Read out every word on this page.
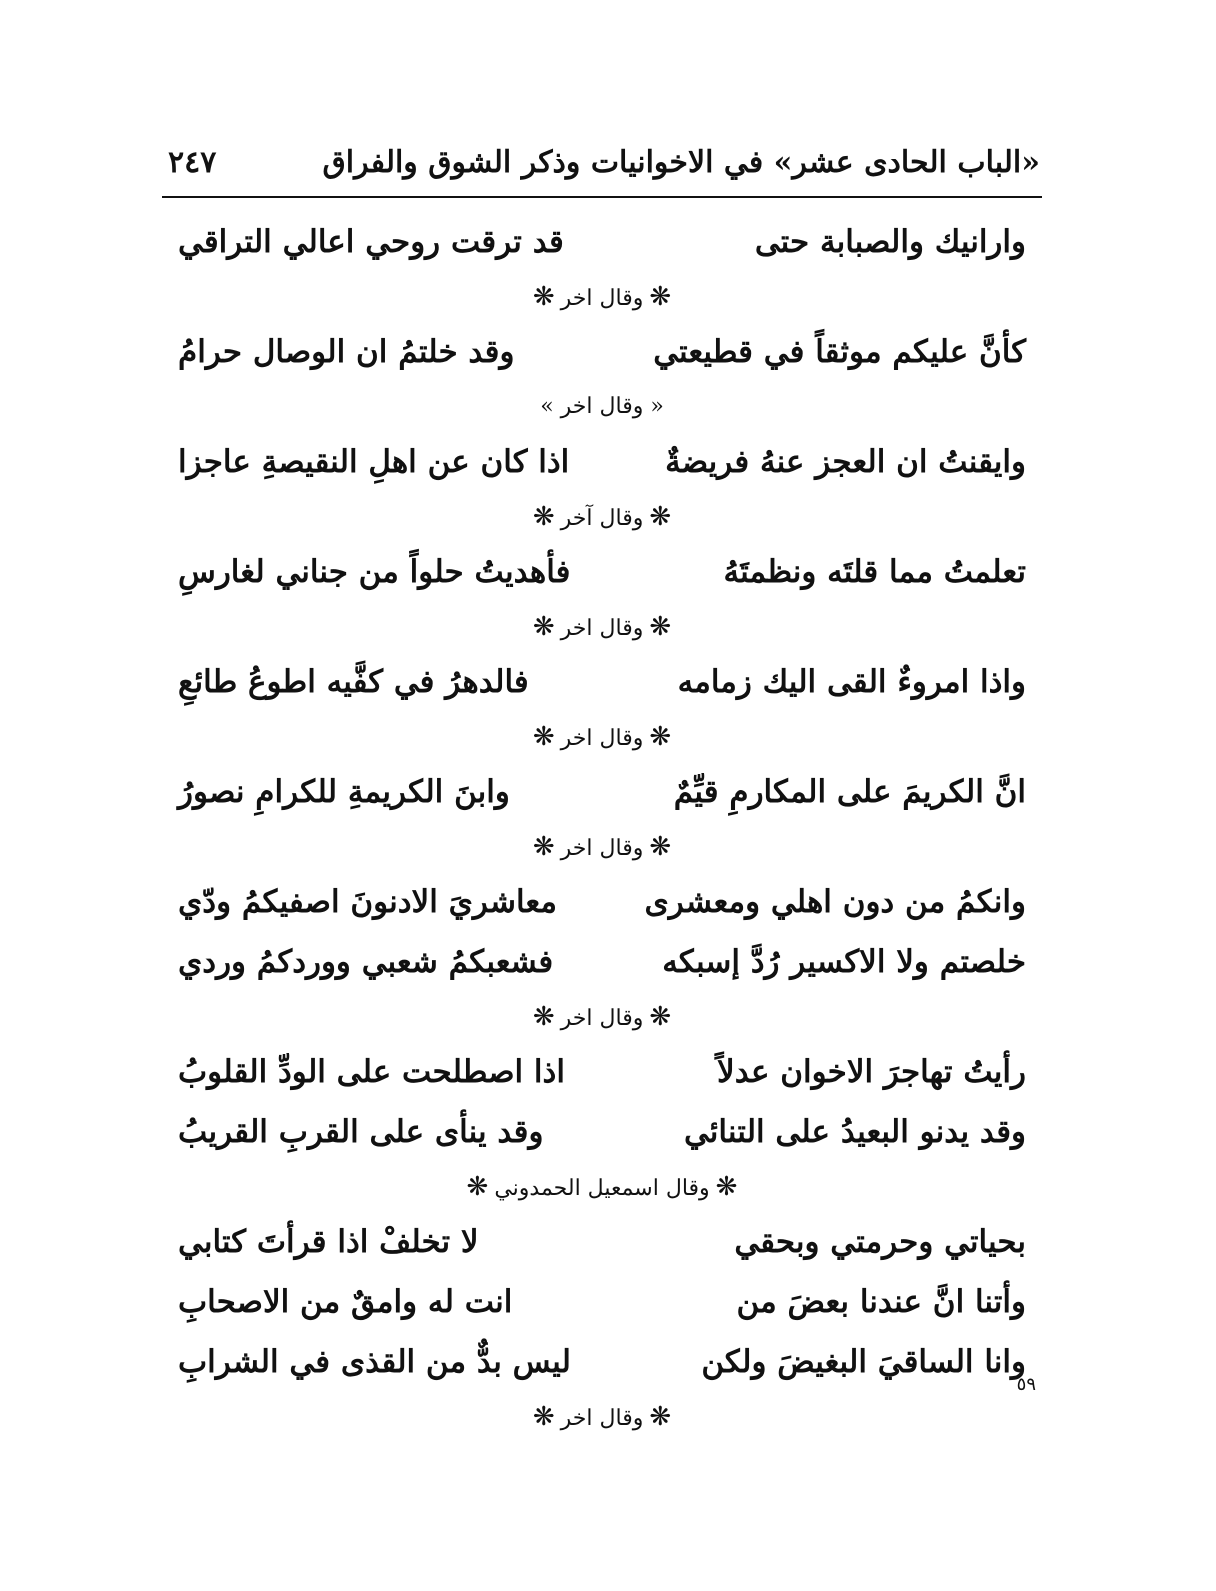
«الباب الحادى عشر» في الاخوانيات وذكر الشوق والفراق
٢٤٧
وارانيك والصبابة حتى
قد ترقت روحي اعالي التراقي
❋وقال اخر❋
كأنَّ عليكم موثقاً في قطيعتي
وقد خلتمُ ان الوصال حرامُ
« وقال اخر »
وايقنتُ ان العجز عنهُ فريضةٌ
اذا كان عن اهلِ النقيصةِ عاجزا
❋وقال آخر❋
تعلمتُ مما قلتَه ونظمتَهُ
فأهديتُ حلواً من جناني لغارسِ
❋وقال اخر❋
واذا امروءٌ القى اليك زمامه
فالدهرُ في كفَّيه اطوعُ طائعِ
❋وقال اخر❋
انَّ الكريمَ على المكارمِ قيِّمٌ
وابنَ الكريمةِ للكرامِ نصورُ
❋وقال اخر❋
وانكمُ من دون اهلي ومعشرى
معاشريَ الادنونَ اصفيكمُ ودّي
خلصتم ولا الاكسير رُدَّ إسبكه
فشعبكمُ شعبي ووردكمُ وردي
❋وقال اخر❋
رأيتُ تهاجرَ الاخوان عدلاً
اذا اصطلحت على الودِّ القلوبُ
وقد يدنو البعيدُ على التنائي
وقد ينأى على القربِ القريبُ
❋وقال اسمعيل الحمدوني❋
بحياتي وحرمتي وبحقي
لا تخلفْ اذا قرأتَ كتابي
وأتنا انَّ عندنا بعضَ من
انت له وامقٌ من الاصحابِ
وانا الساقيَ البغيضَ ولكن
ليس بدٌّ من القذى في الشرابِ
❋وقال اخر❋
٥٩
